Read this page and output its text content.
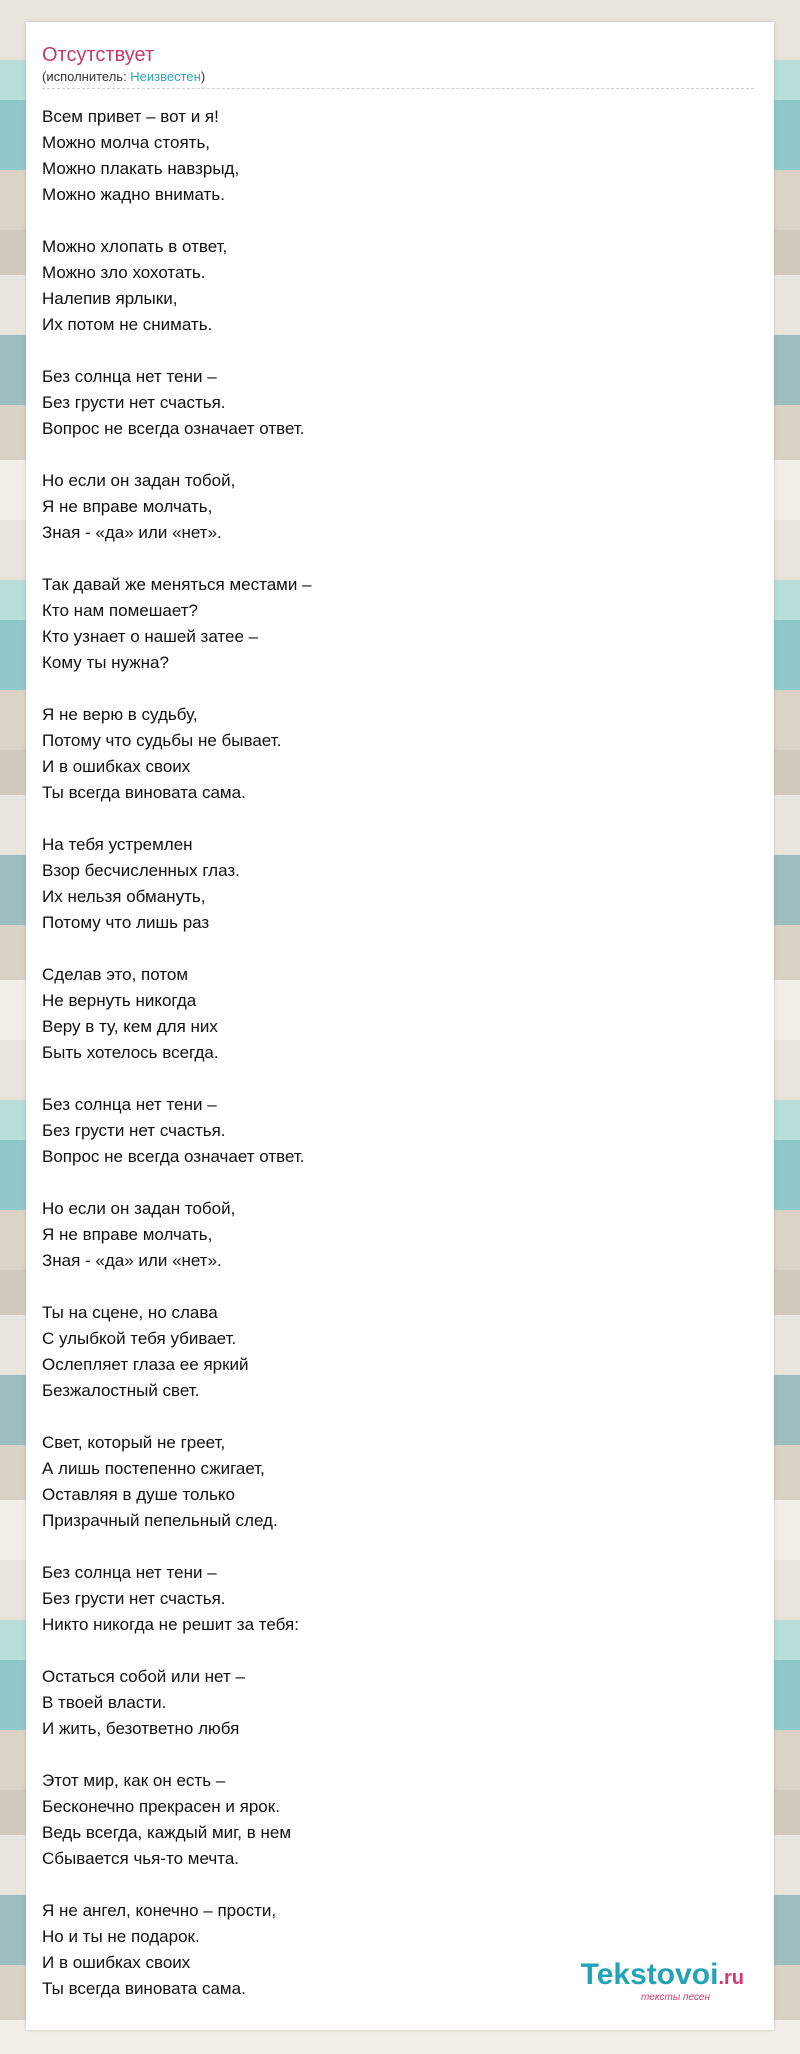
Отсутствует
(исполнитель: Неизвестен)
Всем привет – вот и я!
Можно молча стоять,
Можно плакать навзрыд,
Можно жадно внимать.
Можно хлопать в ответ,
Можно зло хохотать.
Налепив ярлыки,
Их потом не снимать.
Без солнца нет тени –
Без грусти нет счастья.
Вопрос не всегда означает ответ.
Но если он задан тобой,
Я не вправе молчать,
Зная - «да» или «нет».
Так давай же меняться местами –
Кто нам помешает?
Кто узнает о нашей затее –
Кому ты нужна?
Я не верю в судьбу,
Потому что судьбы не бывает.
И в ошибках своих
Ты всегда виновата сама.
На тебя устремлен
Взор бесчисленных глаз.
Их нельзя обмануть,
Потому что лишь раз
Сделав это, потом
Не вернуть никогда
Веру в ту, кем для них
Быть хотелось всегда.
Без солнца нет тени –
Без грусти нет счастья.
Вопрос не всегда означает ответ.
Но если он задан тобой,
Я не вправе молчать,
Зная - «да» или «нет».
Ты на сцене, но слава
С улыбкой тебя убивает.
Ослепляет глаза ее яркий
Безжалостный свет.
Свет, который не греет,
А лишь постепенно сжигает,
Оставляя в душе только
Призрачный пепельный след.
Без солнца нет тени –
Без грусти нет счастья.
Никто никогда не решит за тебя:
Остаться собой или нет –
В твоей власти.
И жить, безответно любя
Этот мир, как он есть –
Бесконечно прекрасен и ярок.
Ведь всегда, каждый миг, в нем
Сбывается чья-то мечта.
Я не ангел, конечно – прости,
Но и ты не подарок.
И в ошибках своих
Ты всегда виновата сама.	Tekstovoi.ru
тексты песен
